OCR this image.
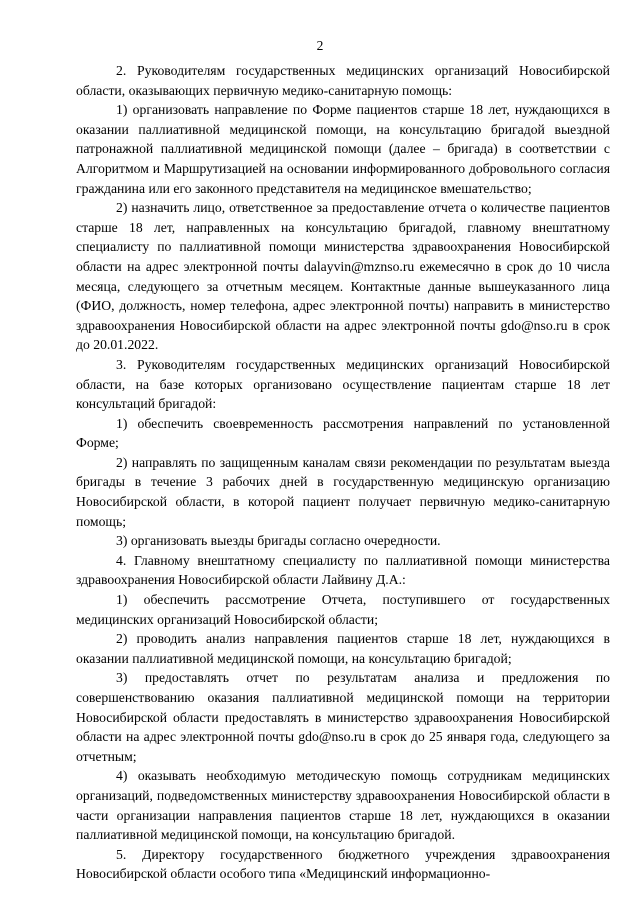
2

2. Руководителям государственных медицинских организаций Новосибирской области, оказывающих первичную медико-санитарную помощь:

1) организовать направление по Форме пациентов старше 18 лет, нуждающихся в оказании паллиативной медицинской помощи, на консультацию бригадой выездной патронажной паллиативной медицинской помощи (далее – бригада) в соответствии с Алгоритмом и Маршрутизацией на основании информированного добровольного согласия гражданина или его законного представителя на медицинское вмешательство;

2) назначить лицо, ответственное за предоставление отчета о количестве пациентов старше 18 лет, направленных на консультацию бригадой, главному внештатному специалисту по паллиативной помощи министерства здравоохранения Новосибирской области на адрес электронной почты dalayvin@mznso.ru ежемесячно в срок до 10 числа месяца, следующего за отчетным месяцем. Контактные данные вышеуказанного лица (ФИО, должность, номер телефона, адрес электронной почты) направить в министерство здравоохранения Новосибирской области на адрес электронной почты gdo@nso.ru в срок до 20.01.2022.

3. Руководителям государственных медицинских организаций Новосибирской области, на базе которых организовано осуществление пациентам старше 18 лет консультаций бригадой:

1) обеспечить своевременность рассмотрения направлений по установленной Форме;

2) направлять по защищенным каналам связи рекомендации по результатам выезда бригады в течение 3 рабочих дней в государственную медицинскую организацию Новосибирской области, в которой пациент получает первичную медико-санитарную помощь;

3) организовать выезды бригады согласно очередности.

4. Главному внештатному специалисту по паллиативной помощи министерства здравоохранения Новосибирской области Лайвину Д.А.:

1) обеспечить рассмотрение Отчета, поступившего от государственных медицинских организаций Новосибирской области;

2) проводить анализ направления пациентов старше 18 лет, нуждающихся в оказании паллиативной медицинской помощи, на консультацию бригадой;

3) предоставлять отчет по результатам анализа и предложения по совершенствованию оказания паллиативной медицинской помощи на территории Новосибирской области предоставлять в министерство здравоохранения Новосибирской области на адрес электронной почты gdo@nso.ru в срок до 25 января года, следующего за отчетным;

4) оказывать необходимую методическую помощь сотрудникам медицинских организаций, подведомственных министерству здравоохранения Новосибирской области в части организации направления пациентов старше 18 лет, нуждающихся в оказании паллиативной медицинской помощи, на консультацию бригадой.

5. Директору государственного бюджетного учреждения здравоохранения Новосибирской области особого типа «Медицинский информационно-
